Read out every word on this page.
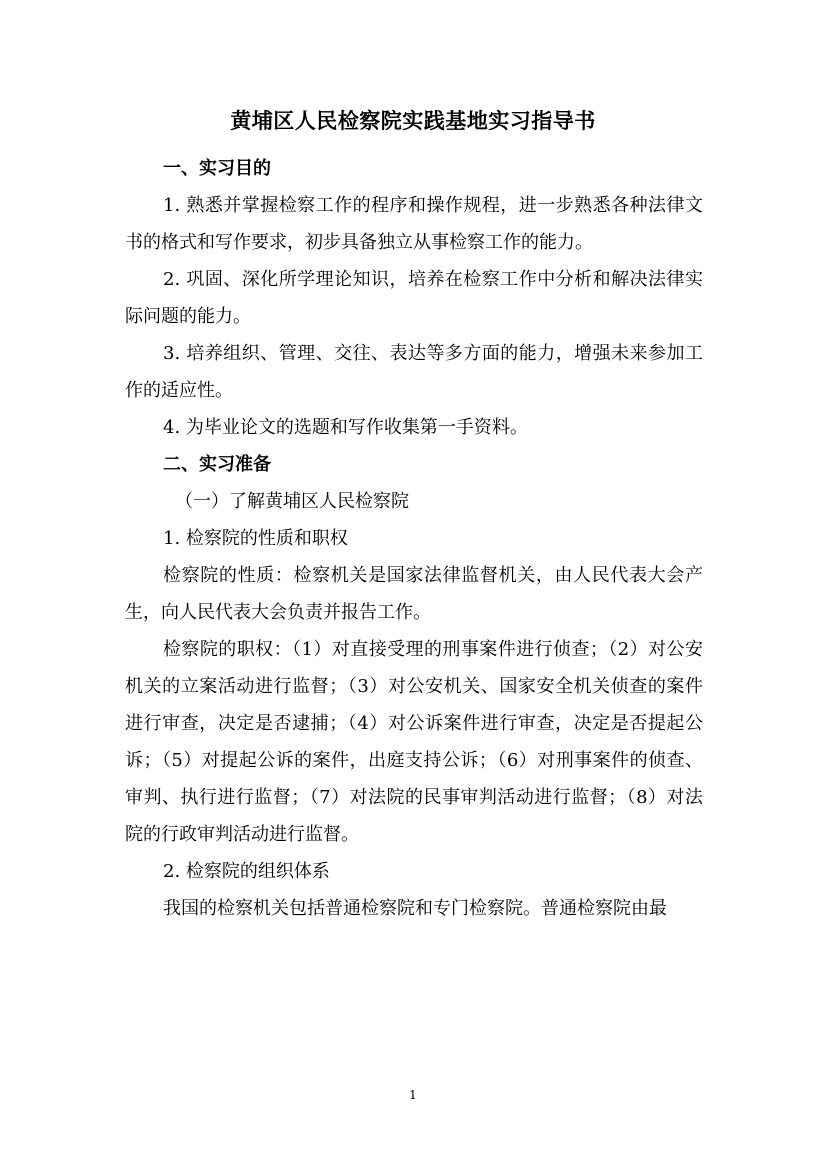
黄埔区人民检察院实践基地实习指导书
一、实习目的

1. 熟悉并掌握检察工作的程序和操作规程，进一步熟悉各种法律文书的格式和写作要求，初步具备独立从事检察工作的能力。

2. 巩固、深化所学理论知识，培养在检察工作中分析和解决法律实际问题的能力。

3. 培养组织、管理、交往、表达等多方面的能力，增强未来参加工作的适应性。

4. 为毕业论文的选题和写作收集第一手资料。

二、实习准备

（一）了解黄埔区人民检察院

1. 检察院的性质和职权

检察院的性质：检察机关是国家法律监督机关，由人民代表大会产生，向人民代表大会负责并报告工作。

检察院的职权：（1）对直接受理的刑事案件进行侦查；（2）对公安机关的立案活动进行监督；（3）对公安机关、国家安全机关侦查的案件进行审查，决定是否逮捕；（4）对公诉案件进行审查，决定是否提起公诉；（5）对提起公诉的案件，出庭支持公诉；（6）对刑事案件的侦查、审判、执行进行监督；（7）对法院的民事审判活动进行监督；（8）对法院的行政审判活动进行监督。

2. 检察院的组织体系

我国的检察机关包括普通检察院和专门检察院。普通检察院由最

1
